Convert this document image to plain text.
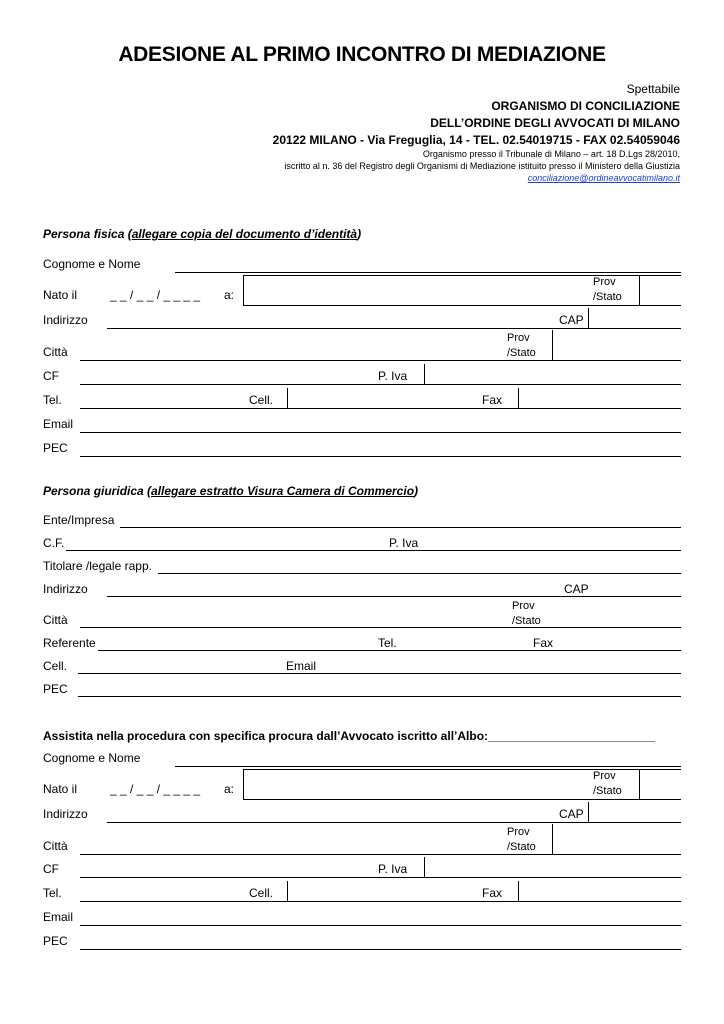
ADESIONE AL PRIMO INCONTRO DI MEDIAZIONE
Spettabile
ORGANISMO DI CONCILIAZIONE
DELL’ORDINE DEGLI AVVOCATI DI MILANO
20122 MILANO - Via Freguglia, 14 - TEL. 02.54019715 - FAX 02.54059046
Organismo presso il Tribunale di Milano – art. 18 D.Lgs 28/2010,
iscritto al n. 36 del Registro degli Organismi di Mediazione istituito presso il Ministero della Giustizia
conciliazione@ordineavvocatimilano.it
Persona fisica (allegare copia del documento d’identità)
Cognome e Nome
Nato il	_ _ / _ _ / _ _ _ _ a:
Prov
/Stato
Indirizzo	CAP
Prov
/Stato
Città
CF	P. Iva
Tel.	Cell.	Fax
Email
PEC
Persona giuridica (allegare estratto Visura Camera di Commercio)
Ente/Impresa
C.F.	P. Iva
Titolare /legale rapp.
Indirizzo	CAP
Prov
/Stato
Città
Referente	Tel.	Fax
Cell.	Email
PEC
Assistita nella procedura con specifica procura dall’Avvocato iscritto all’Albo:_________________________
Cognome e Nome
Nato il	_ _ / _ _ / _ _ _ _ a:
Prov
/Stato
Indirizzo	CAP
Prov
/Stato
Città
CF	P. Iva
Tel.	Cell.	Fax
Email
PEC
